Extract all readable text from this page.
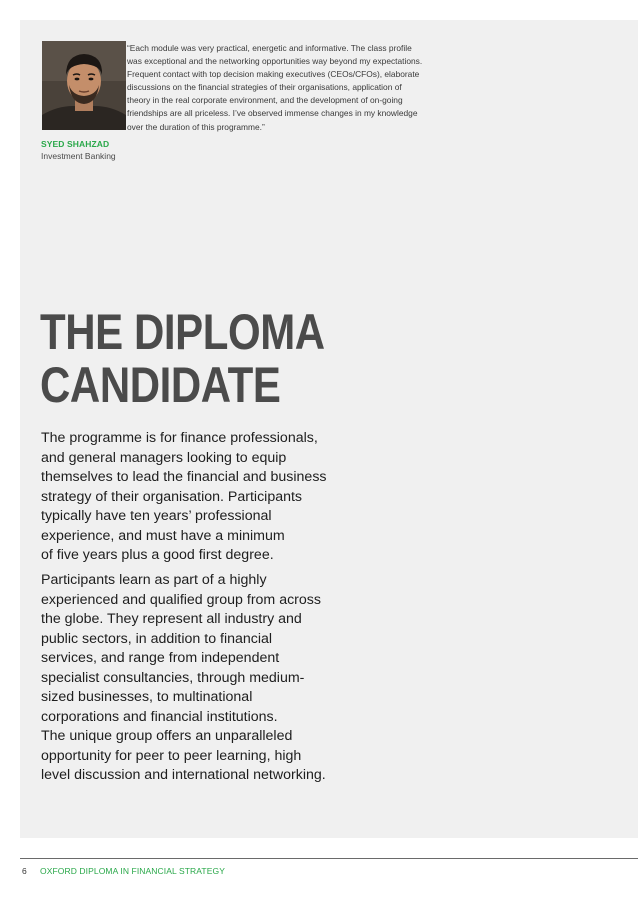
“Each module was very practical, energetic and informative. The class profile
was exceptional and the networking opportunities way beyond my expectations.
Frequent contact with top decision making executives (CEOs/CFOs), elaborate
discussions on the financial strategies of their organisations, application of
theory in the real corporate environment, and the development of on-going
friendships are all priceless. I’ve observed immense changes in my knowledge
over the duration of this programme.”

SYED SHAHZAD
Investment Banking
THE DIPLOMA
CANDIDATE

The programme is for finance professionals,
and general managers looking to equip
themselves to lead the financial and business
strategy of their organisation. Participants
typically have ten years’ professional
experience, and must have a minimum
of five years plus a good first degree.

Participants learn as part of a highly
experienced and qualified group from across
the globe. They represent all industry and
public sectors, in addition to financial
services, and range from independent
specialist consultancies, through medium-
sized businesses, to multinational
corporations and financial institutions.
The unique group offers an unparalleled
opportunity for peer to peer learning, high
level discussion and international networking.

6 OXFORD DIPLOMA IN FINANCIAL STRATEGY
